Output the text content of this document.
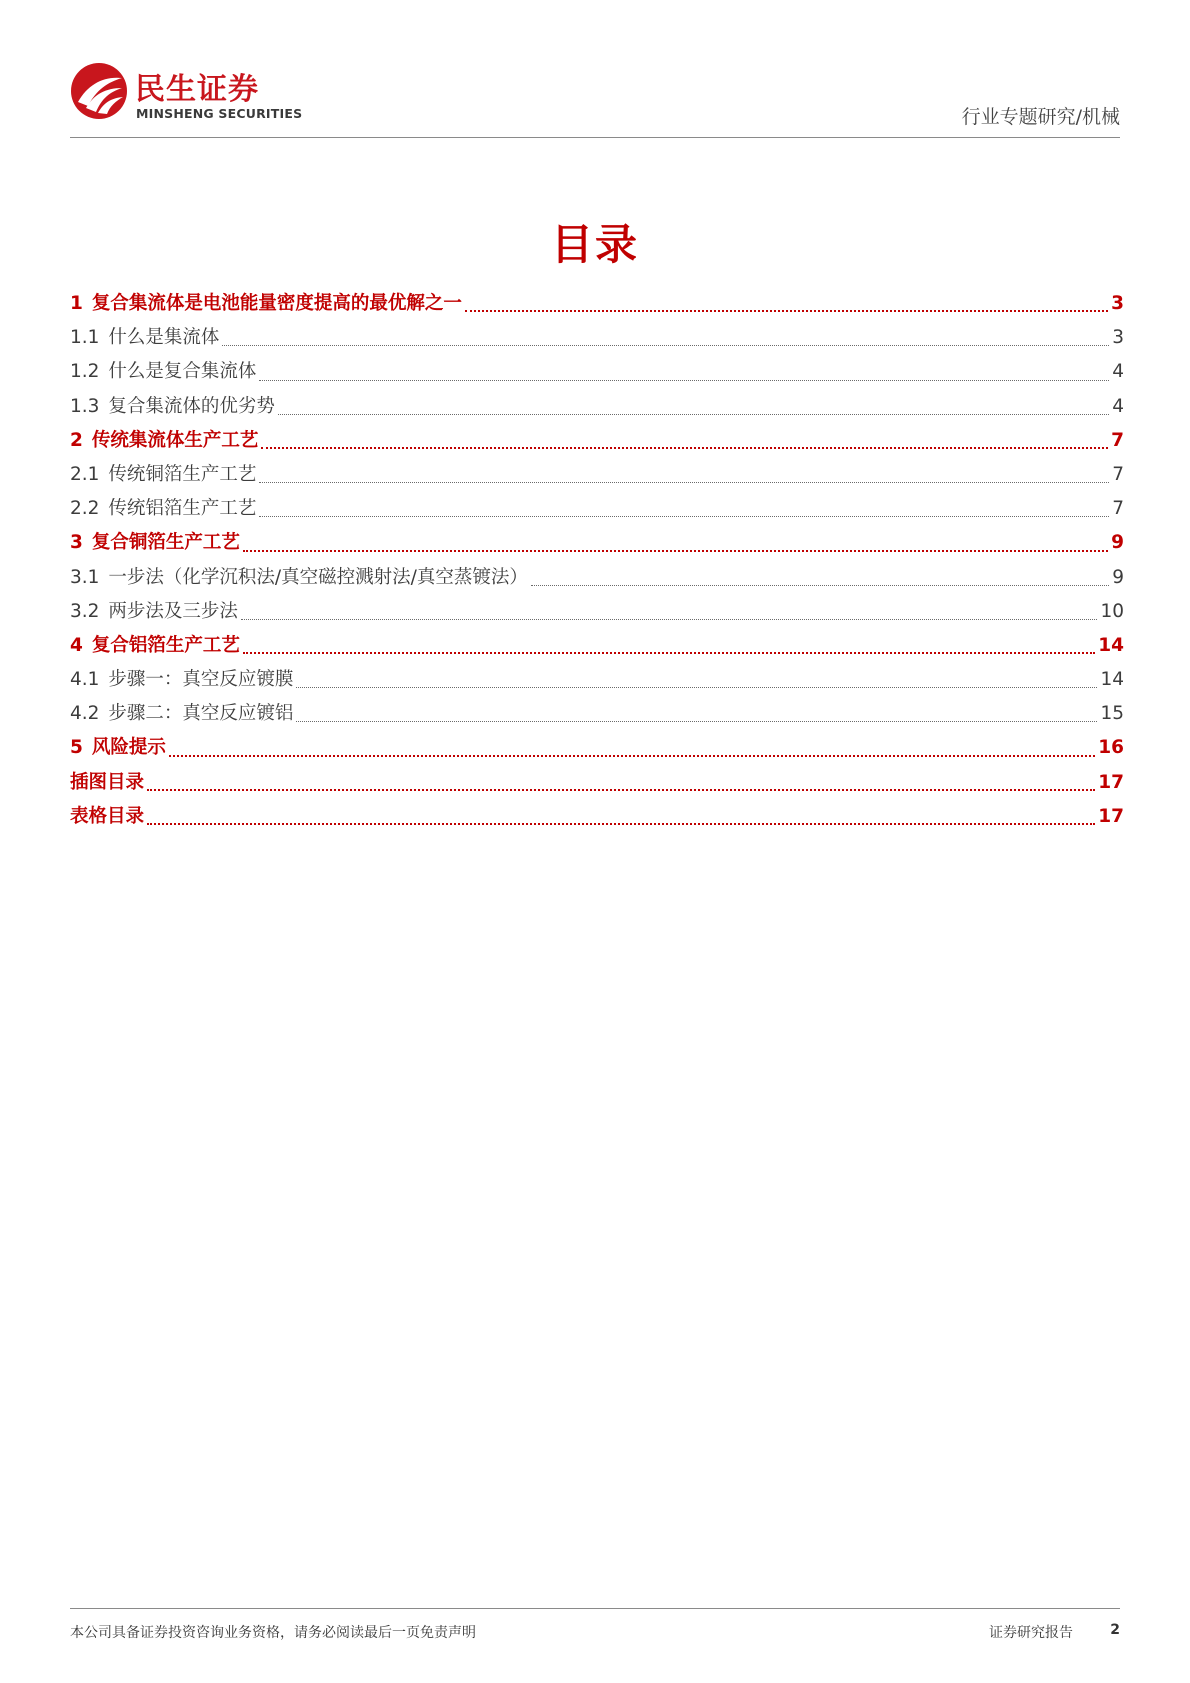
民生证券
MINSHENG SECURITIES	行业专题研究/机械
目录
1 复合集流体是电池能量密度提高的最优解之一	3
1.1 什么是集流体	3
1.2 什么是复合集流体	4
1.3 复合集流体的优劣势	4
2 传统集流体生产工艺	7
2.1 传统铜箔生产工艺	7
2.2 传统铝箔生产工艺	7
3 复合铜箔生产工艺	9
3.1 一步法（化学沉积法/真空磁控溅射法/真空蒸镀法）	9
3.2 两步法及三步法	10
4 复合铝箔生产工艺	14
4.1 步骤一：真空反应镀膜	14
4.2 步骤二：真空反应镀铝	15
5 风险提示	16
插图目录	17
表格目录	17
本公司具备证券投资咨询业务资格，请务必阅读最后一页免责声明	证券研究报告	2
